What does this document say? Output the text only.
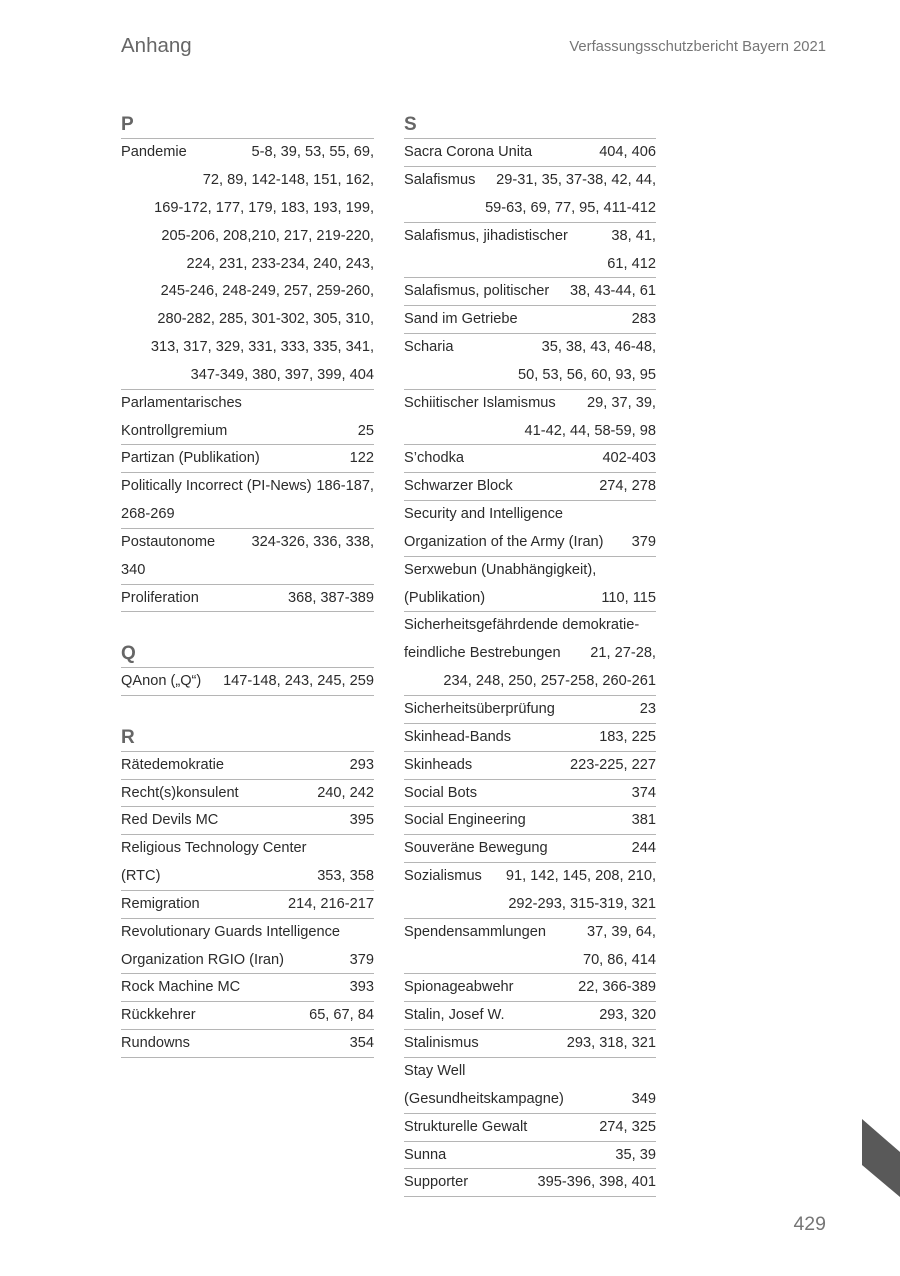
Anhang	Verfassungsschutzbericht Bayern 2021
P
Pandemie	5-8, 39, 53, 55, 69,
72, 89, 142-148, 151, 162,
169-172, 177, 179, 183, 193, 199,
205-206, 208,210, 217, 219-220,
224, 231, 233-234, 240, 243,
245-246, 248-249, 257, 259-260,
280-282, 285, 301-302, 305, 310,
313, 317, 329, 331, 333, 335, 341,
347-349, 380, 397, 399, 404
Parlamentarisches
Kontrollgremium	25
Partizan (Publikation)	122
Politically Incorrect (PI-News) 186-187,
268-269
Postautonome 324-326, 336, 338,
340
Proliferation	368, 387-389
Q
QAnon („Q“) 147-148, 243, 245, 259
R
Rätedemokratie	293
Recht(s)konsulent	240, 242
Red Devils MC	395
Religious Technology Center
(RTC)	353, 358
Remigration	214, 216-217
Revolutionary Guards Intelligence
Organization RGIO (Iran)	379
Rock Machine MC	393
Rückkehrer	65, 67, 84
Rundowns	354
S
Sacra Corona Unita	404, 406
Salafismus 29-31, 35, 37-38, 42, 44,
59-63, 69, 77, 95, 411-412
Salafismus, jihadistischer	38, 41,
61, 412
Salafismus, politischer 38, 43-44, 61
Sand im Getriebe	283
Scharia	35, 38, 43, 46-48,
50, 53, 56, 60, 93, 95
Schiitischer Islamismus 29, 37, 39,
41-42, 44, 58-59, 98
S’chodka	402-403
Schwarzer Block	274, 278
Security and Intelligence
Organization of the Army (Iran) 379
Serxwebun (Unabhängigkeit),
(Publikation)	110, 115
Sicherheitsgefährdende demokratie-
feindliche Bestrebungen 21, 27-28,
234, 248, 250, 257-258, 260-261
Sicherheitsüberprüfung	23
Skinhead-Bands	183, 225
Skinheads	223-225, 227
Social Bots	374
Social Engineering	381
Souveräne Bewegung	244
Sozialismus 91, 142, 145, 208, 210,
292-293, 315-319, 321
Spendensammlungen	37, 39, 64,
70, 86, 414
Spionageabwehr	22, 366-389
Stalin, Josef W.	293, 320
Stalinismus	293, 318, 321
Stay Well
(Gesundheitskampagne)	349
Strukturelle Gewalt	274, 325
Sunna	35, 39
Supporter	395-396, 398, 401
429
